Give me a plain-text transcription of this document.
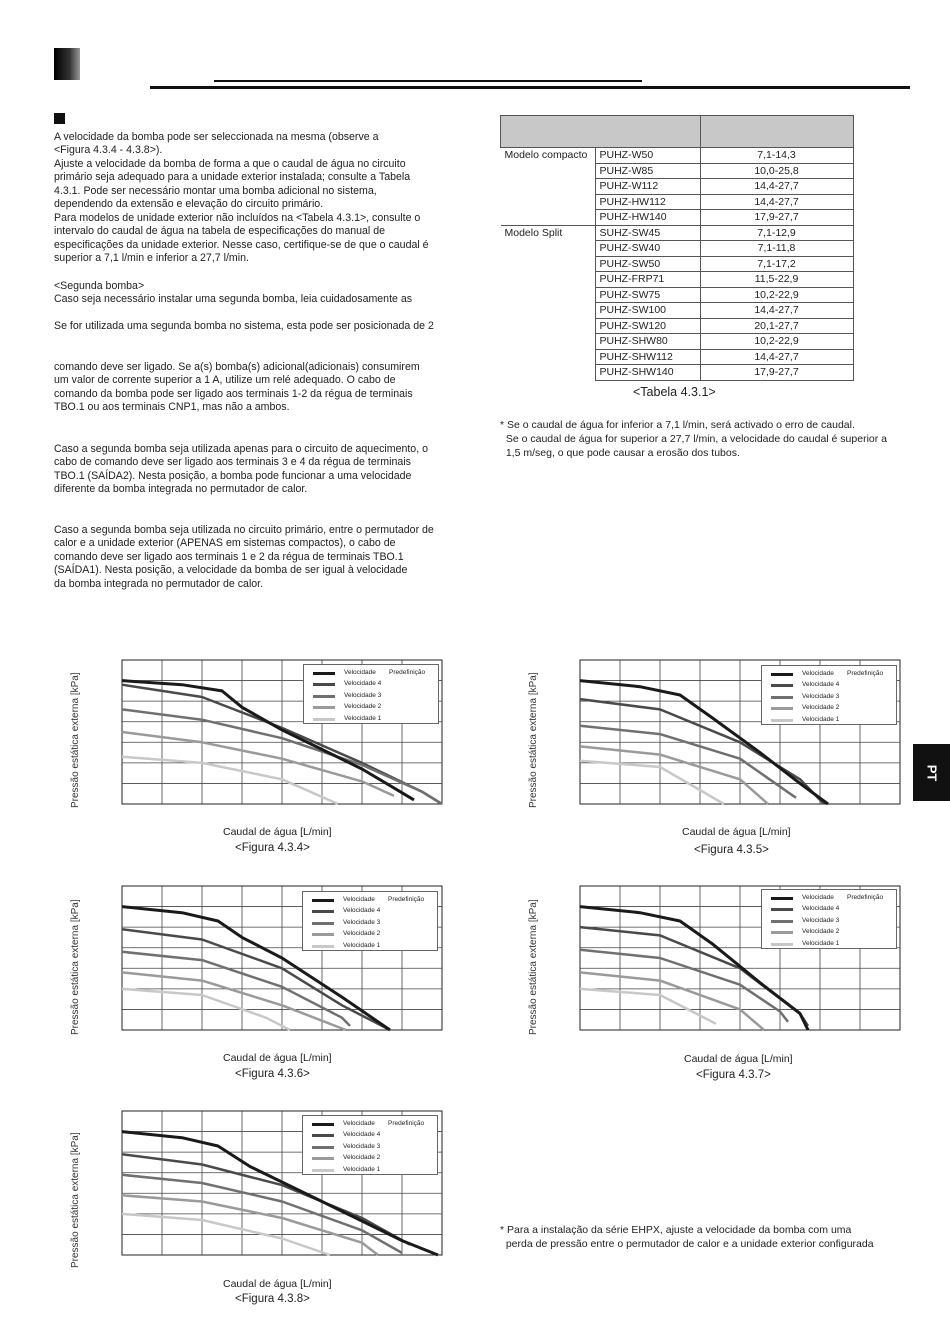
A velocidade da bomba pode ser seleccionada na mesma (observe a
<Figura 4.3.4 - 4.3.8>).
Ajuste a velocidade da bomba de forma a que o caudal de água no circuito
primário seja adequado para a unidade exterior instalada; consulte a Tabela
4.3.1. Pode ser necessário montar uma bomba adicional no sistema,
dependendo da extensão e elevação do circuito primário.
Para modelos de unidade exterior não incluídos na <Tabela 4.3.1>, consulte o
intervalo do caudal de água na tabela de especificações do manual de
especificações da unidade exterior. Nesse caso, certifique-se de que o caudal é
superior a 7,1 l/min e inferior a 27,7 l/min.
<Segunda bomba>
Caso seja necessário instalar uma segunda bomba, leia cuidadosamente as
Se for utilizada uma segunda bomba no sistema, esta pode ser posicionada de 2
comando deve ser ligado. Se a(s) bomba(s) adicional(adicionais) consumirem
um valor de corrente superior a 1 A, utilize um relé adequado. O cabo de
comando da bomba pode ser ligado aos terminais 1-2 da régua de terminais
TBO.1 ou aos terminais CNP1, mas não a ambos.
Caso a segunda bomba seja utilizada apenas para o circuito de aquecimento, o
cabo de comando deve ser ligado aos terminais 3 e 4 da régua de terminais
TBO.1 (SAÍDA2). Nesta posição, a bomba pode funcionar a uma velocidade
diferente da bomba integrada no permutador de calor.
Caso a segunda bomba seja utilizada no circuito primário, entre o permutador de
calor e a unidade exterior (APENAS em sistemas compactos), o cabo de
comando deve ser ligado aos terminais 1 e 2 da régua de terminais TBO.1
(SAÍDA1). Nesta posição, a velocidade da bomba de ser igual à velocidade
da bomba integrada no permutador de calor.

Modelo compacto	PUHZ-W50	7,1-14,3
	PUHZ-W85	10,0-25,8
	PUHZ-W112	14,4-27,7
	PUHZ-HW112	14,4-27,7
	PUHZ-HW140	17,9-27,7
Modelo Split	SUHZ-SW45	7,1-12,9
	PUHZ-SW40	7,1-11,8
	PUHZ-SW50	7,1-17,2
	PUHZ-FRP71	11,5-22,9
	PUHZ-SW75	10,2-22,9
	PUHZ-SW100	14,4-27,7
	PUHZ-SW120	20,1-27,7
	PUHZ-SHW80	10,2-22,9
	PUHZ-SHW112	14,4-27,7
	PUHZ-SHW140	17,9-27,7
<Tabela 4.3.1>
* Se o caudal de água for inferior a 7,1 l/min, será activado o erro de caudal.
Se o caudal de água for superior a 27,7 l/min, a velocidade do caudal é superior a
1,5 m/seg, o que pode causar a erosão dos tubos.
PT
Velocidade Predefinição
Velocidade 4
Velocidade 3
Velocidade 2
Velocidade 1
Pressão estática externa [kPa]
Caudal de água [L/min]
<Figura 4.3.4>
Velocidade Predefinição
Velocidade 4
Velocidade 3
Velocidade 2
Velocidade 1
Pressão estática externa [kPa]
Caudal de água [L/min]
<Figura 4.3.5>
Velocidade Predefinição
Velocidade 4
Velocidade 3
Velocidade 2
Velocidade 1
Pressão estática externa [kPa]
Caudal de água [L/min]
<Figura 4.3.6>
Velocidade Predefinição
Velocidade 4
Velocidade 3
Velocidade 2
Velocidade 1
Pressão estática externa [kPa]
Caudal de água [L/min]
<Figura 4.3.7>
Velocidade Predefinição
Velocidade 4
Velocidade 3
Velocidade 2
Velocidade 1
Pressão estática externa [kPa]
Caudal de água [L/min]
<Figura 4.3.8>
* Para a instalação da série EHPX, ajuste a velocidade da bomba com uma
perda de pressão entre o permutador de calor e a unidade exterior configurada
